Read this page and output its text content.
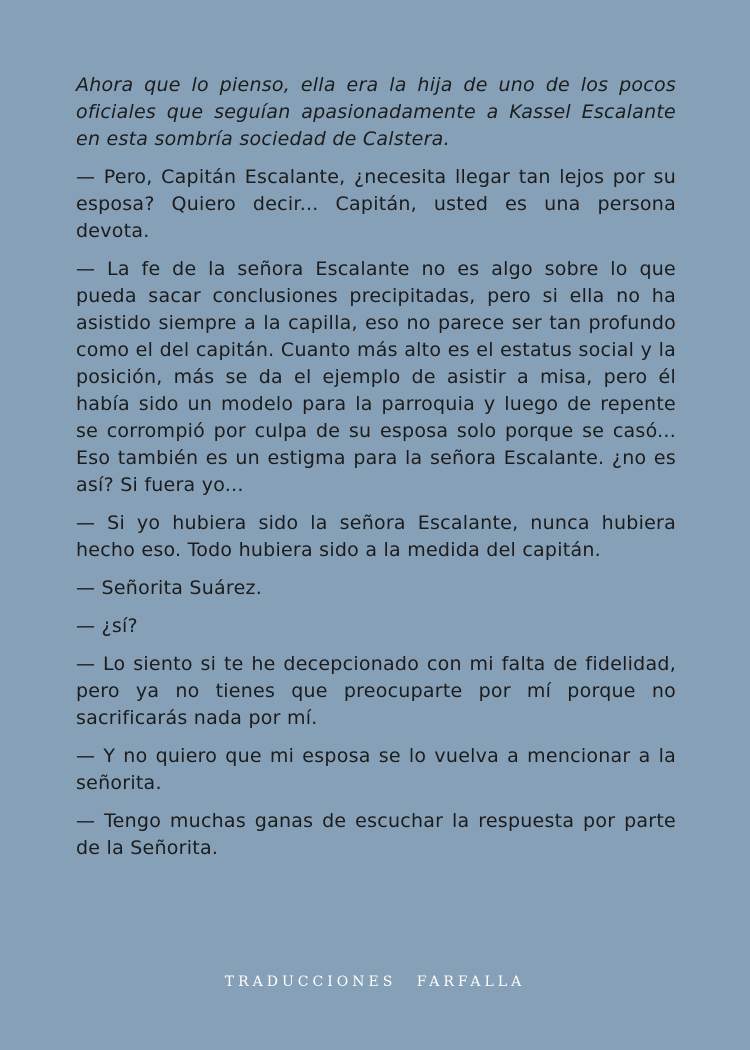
Ahora que lo pienso, ella era la hija de uno de los pocos oficiales que seguían apasionadamente a Kassel Escalante en esta sombría sociedad de Calstera.

— Pero, Capitán Escalante, ¿necesita llegar tan lejos por su esposa? Quiero decir... Capitán, usted es una persona devota.

— La fe de la señora Escalante no es algo sobre lo que pueda sacar conclusiones precipitadas, pero si ella no ha asistido siempre a la capilla, eso no parece ser tan profundo como el del capitán. Cuanto más alto es el estatus social y la posición, más se da el ejemplo de asistir a misa, pero él había sido un modelo para la parroquia y luego de repente se corrompió por culpa de su esposa solo porque se casó... Eso también es un estigma para la señora Escalante. ¿no es así? Si fuera yo...

— Si yo hubiera sido la señora Escalante, nunca hubiera hecho eso. Todo hubiera sido a la medida del capitán.

— Señorita Suárez.

— ¿sí?

— Lo siento si te he decepcionado con mi falta de fidelidad, pero ya no tienes que preocuparte por mí porque no sacrificarás nada por mí.

— Y no quiero que mi esposa se lo vuelva a mencionar a la señorita.

— Tengo muchas ganas de escuchar la respuesta por parte de la Señorita.

TRADUCCIONES FARFALLA
